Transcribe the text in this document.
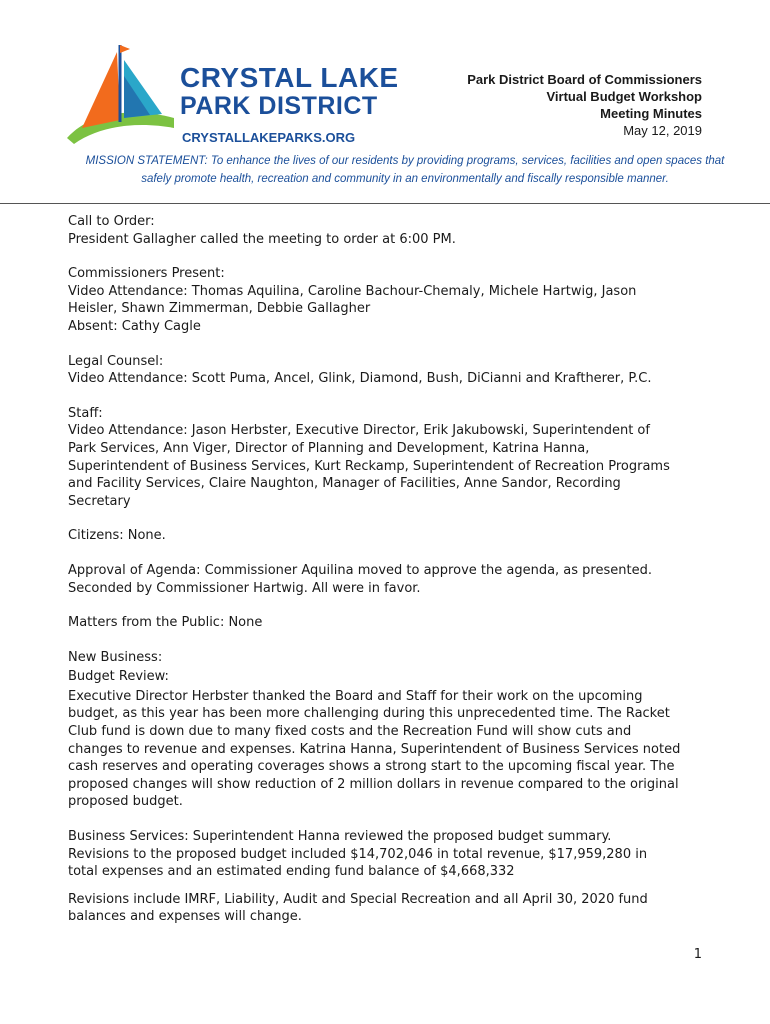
CRYSTAL LAKE
PARK DISTRICT
CRYSTALLAKEPARKS.ORG
Park District Board of Commissioners
Virtual Budget Workshop
Meeting Minutes
May 12, 2019
MISSION STATEMENT: To enhance the lives of our residents by providing programs, services, facilities and open spaces that
safely promote health, recreation and community in an environmentally and fiscally responsible manner.

Call to Order:
President Gallagher called the meeting to order at 6:00 PM.

Commissioners Present:
Video Attendance: Thomas Aquilina, Caroline Bachour-Chemaly, Michele Hartwig, Jason
Heisler, Shawn Zimmerman, Debbie Gallagher
Absent: Cathy Cagle

Legal Counsel:
Video Attendance: Scott Puma, Ancel, Glink, Diamond, Bush, DiCianni and Kraftherer, P.C.

Staff:
Video Attendance: Jason Herbster, Executive Director, Erik Jakubowski, Superintendent of
Park Services, Ann Viger, Director of Planning and Development, Katrina Hanna,
Superintendent of Business Services, Kurt Reckamp, Superintendent of Recreation Programs
and Facility Services, Claire Naughton, Manager of Facilities, Anne Sandor, Recording
Secretary

Citizens: None.

Approval of Agenda: Commissioner Aquilina moved to approve the agenda, as presented.
Seconded by Commissioner Hartwig. All were in favor.

Matters from the Public: None

New Business:

Budget Review:

Executive Director Herbster thanked the Board and Staff for their work on the upcoming
budget, as this year has been more challenging during this unprecedented time. The Racket
Club fund is down due to many fixed costs and the Recreation Fund will show cuts and
changes to revenue and expenses. Katrina Hanna, Superintendent of Business Services noted
cash reserves and operating coverages shows a strong start to the upcoming fiscal year. The
proposed changes will show reduction of 2 million dollars in revenue compared to the original
proposed budget.

Business Services: Superintendent Hanna reviewed the proposed budget summary.
Revisions to the proposed budget included $14,702,046 in total revenue, $17,959,280 in
total expenses and an estimated ending fund balance of $4,668,332

Revisions include IMRF, Liability, Audit and Special Recreation and all April 30, 2020 fund
balances and expenses will change.

1
